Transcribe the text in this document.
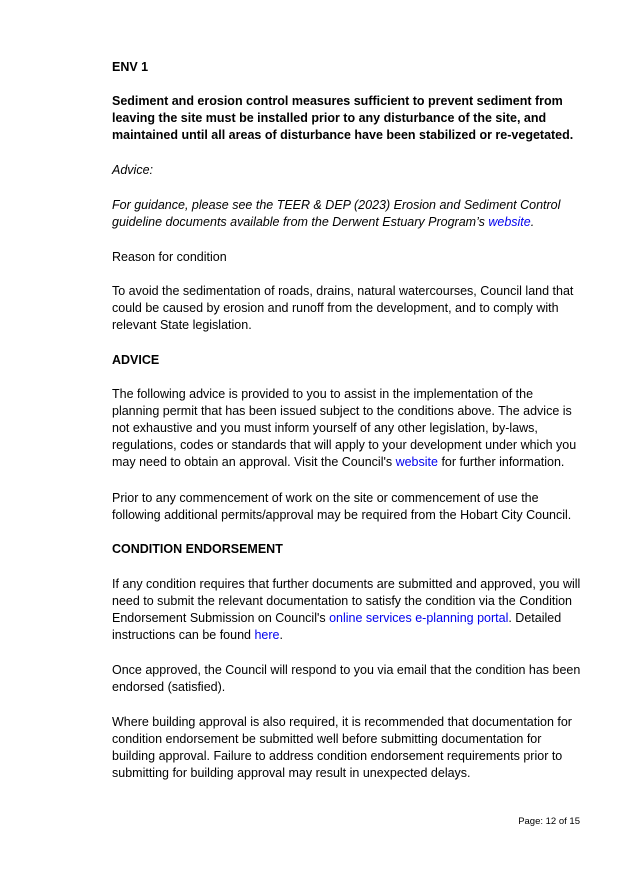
ENV 1

Sediment and erosion control measures sufficient to prevent sediment from leaving the site must be installed prior to any disturbance of the site, and maintained until all areas of disturbance have been stabilized or re-vegetated.

Advice:

For guidance, please see the TEER & DEP (2023) Erosion and Sediment Control guideline documents available from the Derwent Estuary Program’s website.

Reason for condition

To avoid the sedimentation of roads, drains, natural watercourses, Council land that could be caused by erosion and runoff from the development, and to comply with relevant State legislation.

ADVICE

The following advice is provided to you to assist in the implementation of the planning permit that has been issued subject to the conditions above. The advice is not exhaustive and you must inform yourself of any other legislation, by-laws, regulations, codes or standards that will apply to your development under which you may need to obtain an approval. Visit the Council's website for further information.

Prior to any commencement of work on the site or commencement of use the following additional permits/approval may be required from the Hobart City Council.

CONDITION ENDORSEMENT

If any condition requires that further documents are submitted and approved, you will need to submit the relevant documentation to satisfy the condition via the Condition Endorsement Submission on Council's online services e-planning portal. Detailed instructions can be found here.

Once approved, the Council will respond to you via email that the condition has been endorsed (satisfied).

Where building approval is also required, it is recommended that documentation for condition endorsement be submitted well before submitting documentation for building approval. Failure to address condition endorsement requirements prior to submitting for building approval may result in unexpected delays.

Page: 12 of 15
